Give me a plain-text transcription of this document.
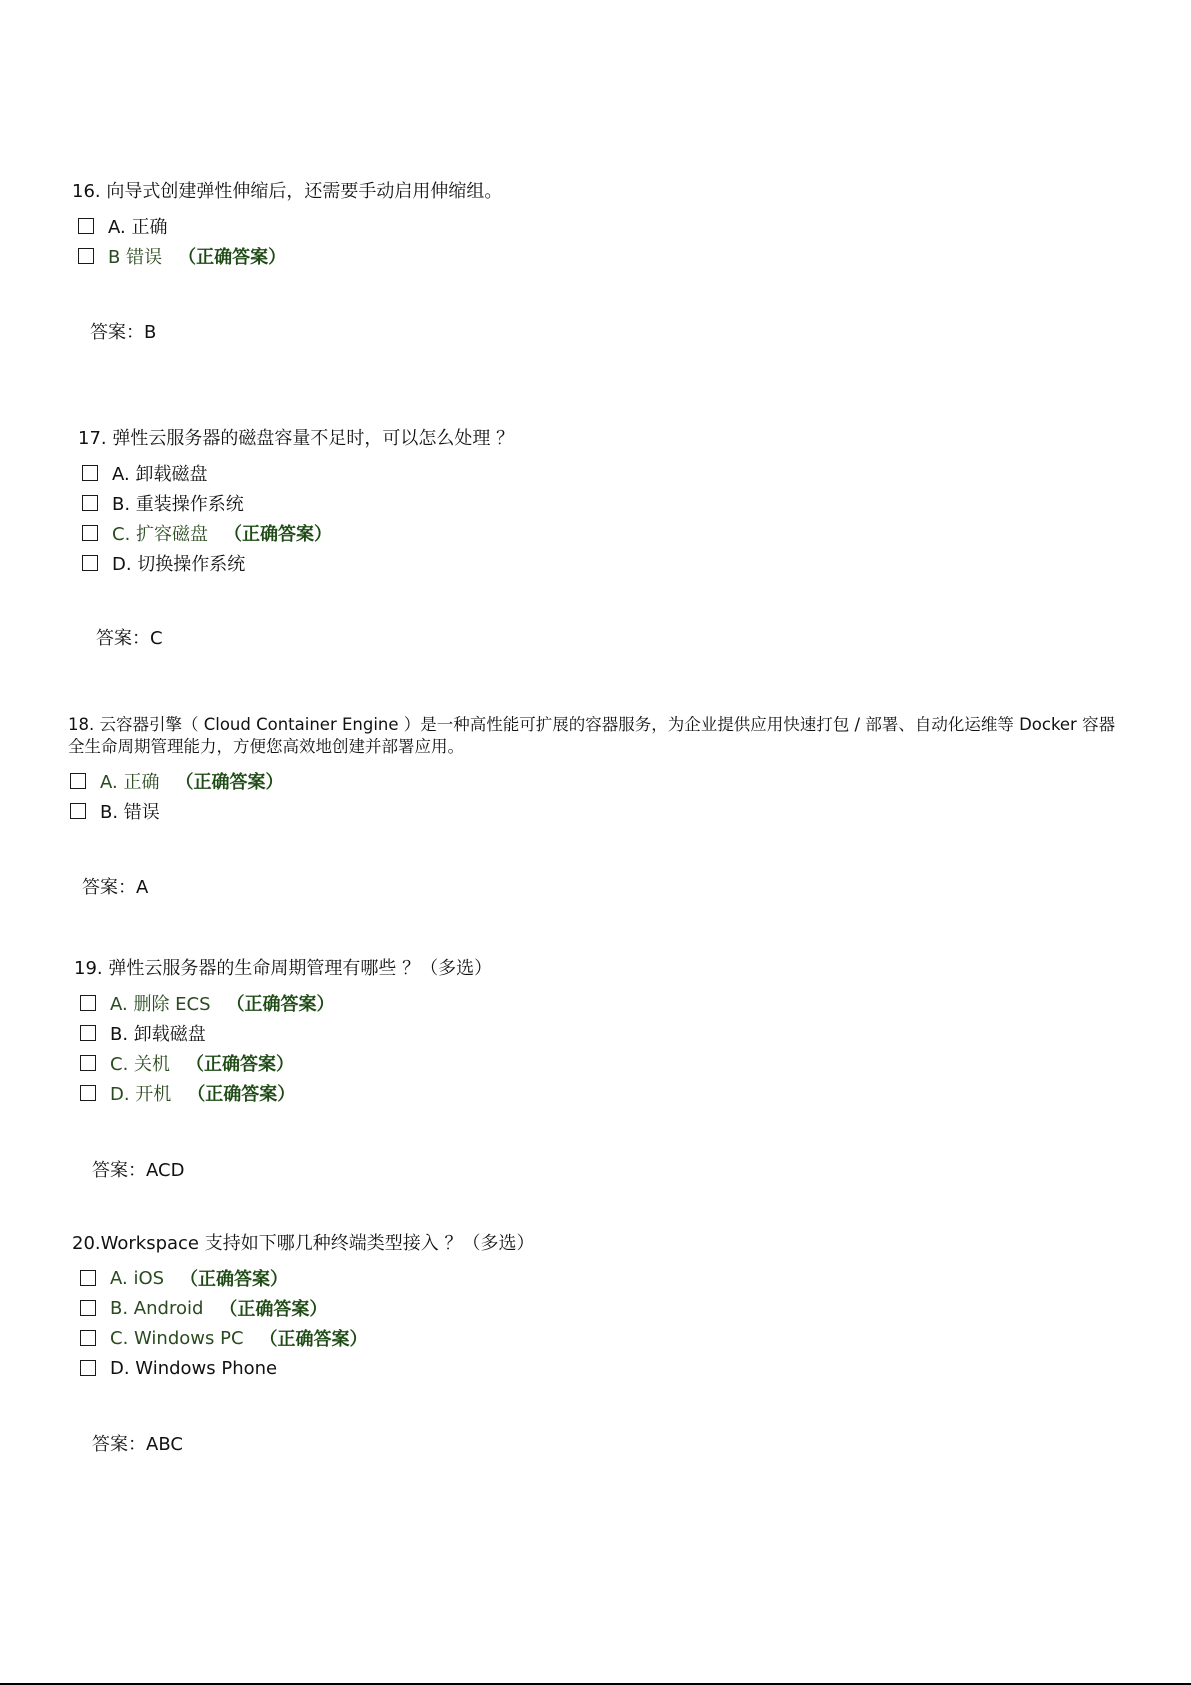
16. 向导式创建弹性伸缩后，还需要手动启用伸缩组。
A. 正确
B 错误 （正确答案）
答案：B
17. 弹性云服务器的磁盘容量不足时，可以怎么处理 ？
A. 卸载磁盘
B. 重装操作系统
C. 扩容磁盘 （正确答案）
D. 切换操作系统
答案：C
18. 云容器引擎（ Cloud Container Engine ）是一种高性能可扩展的容器服务，为企业提供应用快速打包 / 部署、自动化运维等 Docker 容器全生命周期管理能力，方便您高效地创建并部署应用。
A. 正确 （正确答案）
B. 错误
答案：A
19. 弹性云服务器的生命周期管理有哪些 ？（多选）
A. 删除 ECS （正确答案）
B. 卸载磁盘
C. 关机 （正确答案）
D. 开机 （正确答案）
答案：ACD
20.Workspace 支持如下哪几种终端类型接入 ？（多选）
A. iOS （正确答案）
B. Android （正确答案）
C. Windows PC （正确答案）
D. Windows Phone
答案：ABC
